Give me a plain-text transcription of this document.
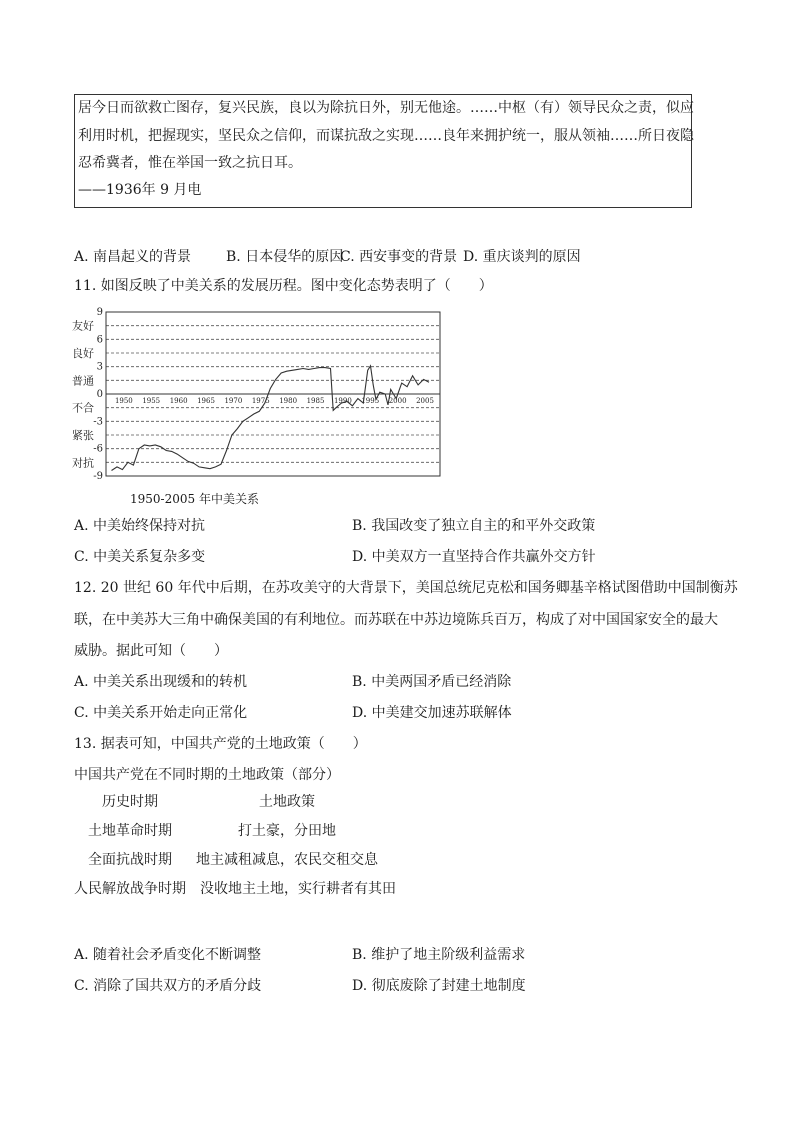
居今日而欲救亡图存，复兴民族，良以为除抗日外，别无他途。……中枢（有）领导民众之责，似应
利用时机，把握现实，坚民众之信仰，而谋抗敌之实现……良年来拥护统一，服从领袖……所日夜隐
忍希冀者，惟在举国一致之抗日耳。
——1936年 9 月电
A. 南昌起义的背景 B. 日本侵华的原因
C. 西安事变的背景 D. 重庆谈判的原因
11. 如图反映了中美关系的发展历程。图中变化态势表明了（　　）
9
6
3
0
-3
-6
-9
友好
良好
普通
不合
紧张
对抗
1950 1955 1960 1965 1970 1975 1980 1985 1990 1995 2000 2005
1950-2005 年中美关系
A. 中美始终保持对抗	B. 我国改变了独立自主的和平外交政策
C. 中美关系复杂多变	D. 中美双方一直坚持合作共赢外交方针
12. 20 世纪 60 年代中后期，在苏攻美守的大背景下，美国总统尼克松和国务卿基辛格试图借助中国制衡苏
联，在中美苏大三角中确保美国的有利地位。而苏联在中苏边境陈兵百万，构成了对中国国家安全的最大
威胁。据此可知（　　）
A. 中美关系出现缓和的转机	B. 中美两国矛盾已经消除
C. 中美关系开始走向正常化	D. 中美建交加速苏联解体
13. 据表可知，中国共产党的土地政策（　　）
中国共产党在不同时期的土地政策（部分）
历史时期	土地政策
土地革命时期	打土豪，分田地
全面抗战时期 地主减租减息，农民交租交息
人民解放战争时期 没收地主土地，实行耕者有其田
A. 随着社会矛盾变化不断调整	B. 维护了地主阶级利益需求
C. 消除了国共双方的矛盾分歧	D. 彻底废除了封建土地制度
